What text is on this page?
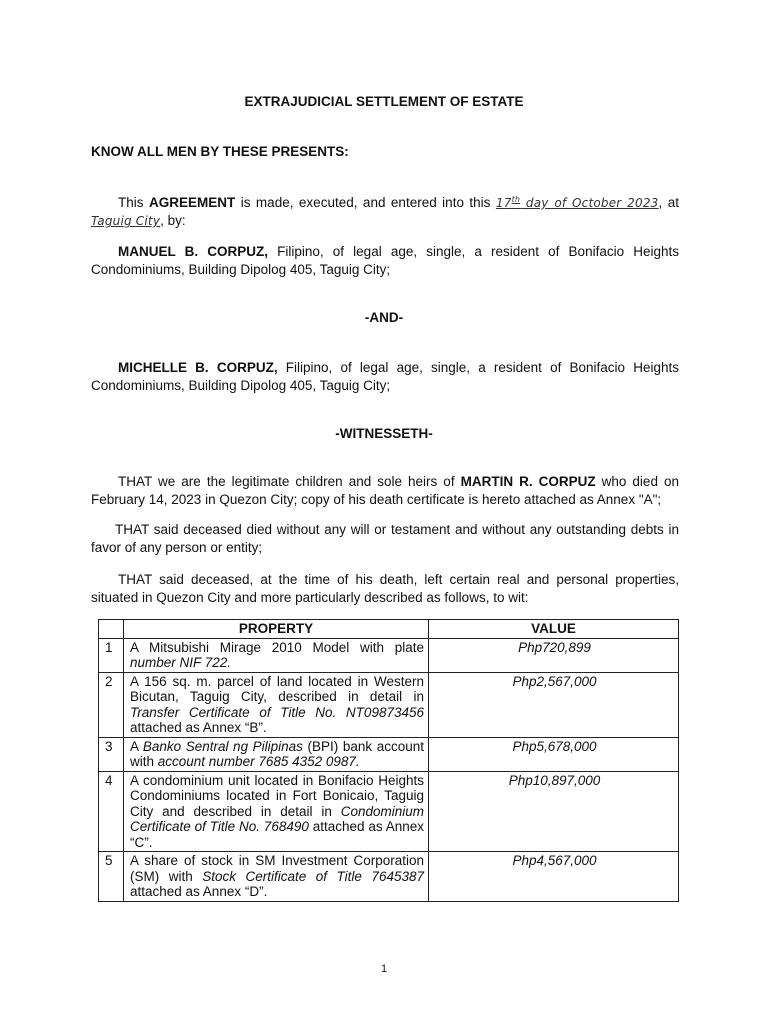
EXTRAJUDICIAL SETTLEMENT OF ESTATE
KNOW ALL MEN BY THESE PRESENTS:
This AGREEMENT is made, executed, and entered into this 17th day of October 2023, at Taguig City, by:
MANUEL B. CORPUZ, Filipino, of legal age, single, a resident of Bonifacio Heights Condominiums, Building Dipolog 405, Taguig City;
-AND-
MICHELLE B. CORPUZ, Filipino, of legal age, single, a resident of Bonifacio Heights Condominiums, Building Dipolog 405, Taguig City;
-WITNESSETH-
THAT we are the legitimate children and sole heirs of MARTIN R. CORPUZ who died on February 14, 2023 in Quezon City; copy of his death certificate is hereto attached as Annex "A";
THAT said deceased died without any will or testament and without any outstanding debts in favor of any person or entity;
THAT said deceased, at the time of his death, left certain real and personal properties, situated in Quezon City and more particularly described as follows, to wit:
	PROPERTY	VALUE
1	A Mitsubishi Mirage 2010 Model with plate number NIF 722.	Php720,899
2	A 156 sq. m. parcel of land located in Western Bicutan, Taguig City, described in detail in Transfer Certificate of Title No. NT09873456 attached as Annex “B”.	Php2,567,000
3	A Banko Sentral ng Pilipinas (BPI) bank account with account number 7685 4352 0987.	Php5,678,000
4	A condominium unit located in Bonifacio Heights Condominiums located in Fort Bonicaio, Taguig City and described in detail in Condominium Certificate of Title No. 768490 attached as Annex “C”.	Php10,897,000
5	A share of stock in SM Investment Corporation (SM) with Stock Certificate of Title 7645387 attached as Annex “D”.	Php4,567,000
1
